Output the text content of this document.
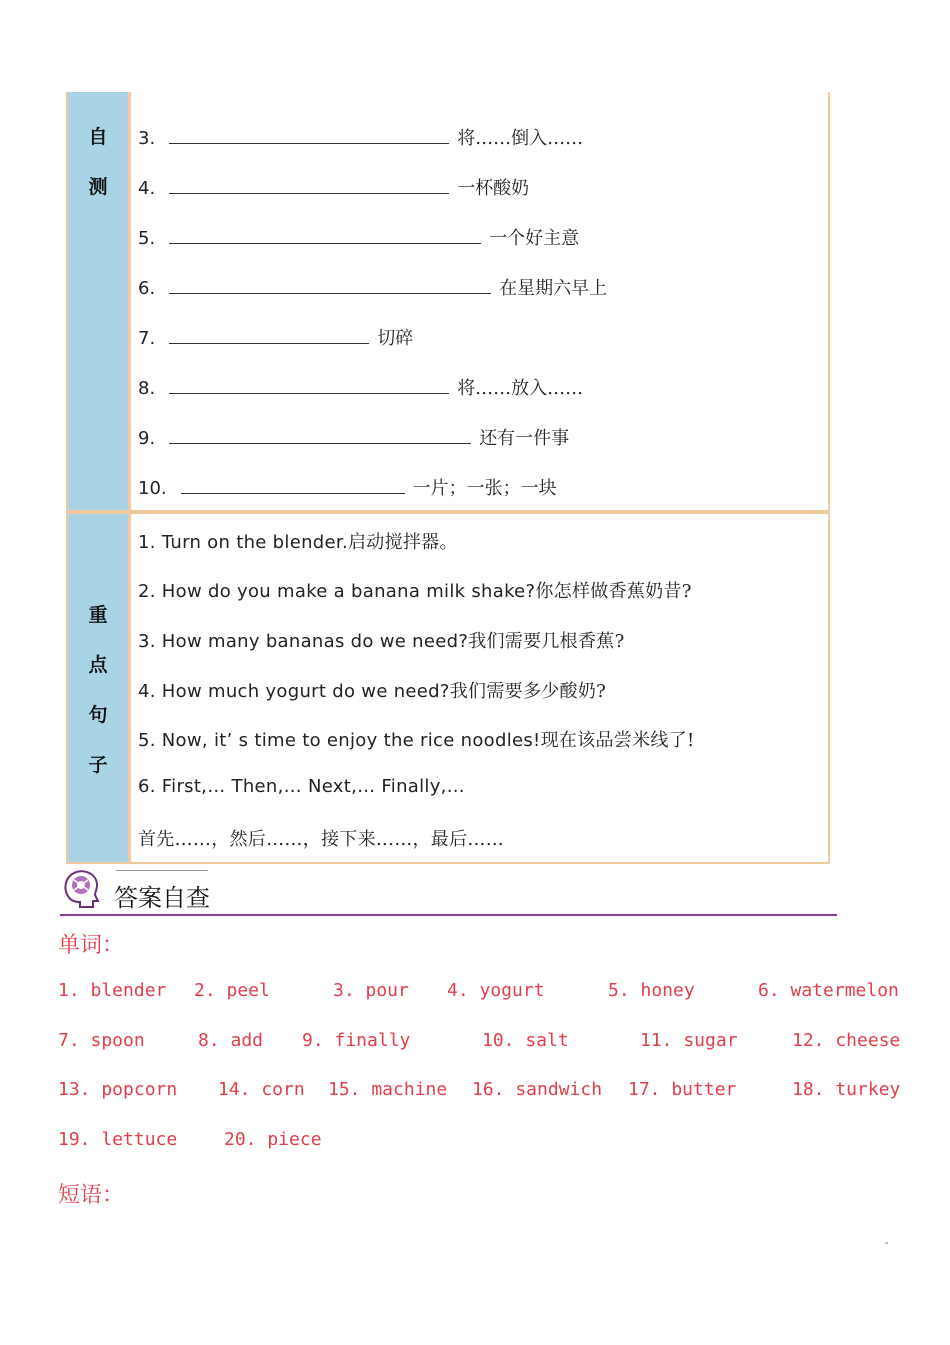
自
测
3.	将……倒入……
4.	一杯酸奶
5.	一个好主意
6.	在星期六早上
7.	切碎
8.	将……放入……
9.	还有一件事
10.	一片；一张；一块
重
点
句
子
1. Turn on the blender.启动搅拌器。
2. How do you make a banana milk shake?你怎样做香蕉奶昔?
3. How many bananas do we need?我们需要几根香蕉?
4. How much yogurt do we need?我们需要多少酸奶?
5. Now, it’ s time to enjoy the rice noodles!现在该品尝米线了!
6. First,… Then,… Next,… Finally,…
首先……，然后……，接下来……，最后……
答案自查
单词：
1. blender 2. peel	3. pour 4. yogurt	5. honey	6. watermelon
7. spoon	8. add 9. finally	10. salt	11. sugar	12. cheese
13. popcorn 14. corn 15. machine 16. sandwich 17. butter	18. turkey
19. lettuce	20. piece
短语：
˜
